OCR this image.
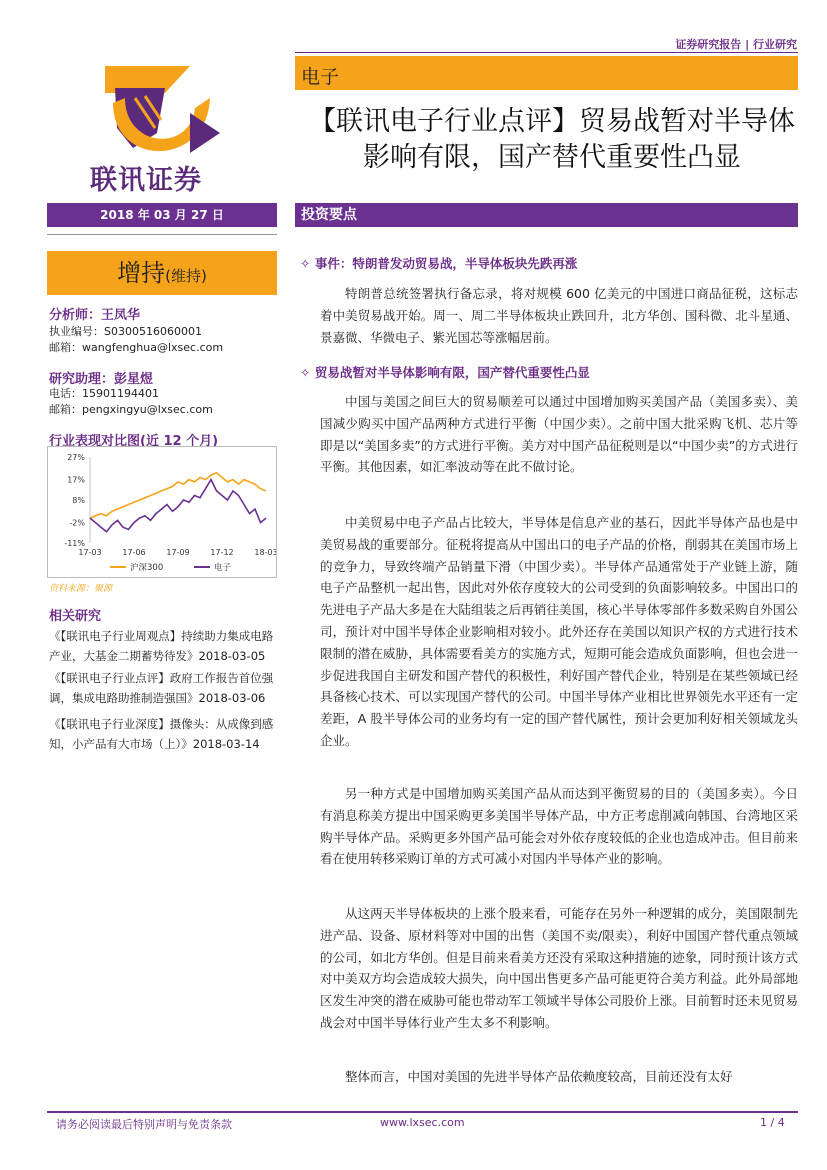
证券研究报告 | 行业研究
电子
联讯证券
【联讯电子行业点评】贸易战暂对半导体影响有限，国产替代重要性凸显
2018 年 03 月 27 日	投资要点
增持(维持)
分析师：王凤华
执业编号：S0300516060001
邮箱：wangfenghua@lxsec.com
研究助理：彭星煜
电话：15901194401
邮箱：pengxingyu@lxsec.com
行业表现对比图(近 12 个月)
27%
17%
8%
-2%
-11%
17-03	17-06	17-09	17-12	18-03
沪深300	电子
资料来源：聚源
相关研究
《【联讯电子行业周观点】持续助力集成电路产业，大基金二期蓄势待发》2018-03-05
《【联讯电子行业点评】政府工作报告首位强调，集成电路助推制造强国》2018-03-06
《【联讯电子行业深度】摄像头：从成像到感知，小产品有大市场（上）》2018-03-14
✧ 事件：特朗普发动贸易战，半导体板块先跌再涨
特朗普总统签署执行备忘录，将对规模 600 亿美元的中国进口商品征税，这标志着中美贸易战开始。周一、周二半导体板块止跌回升，北方华创、国科微、北斗星通、景嘉微、华微电子、紫光国芯等涨幅居前。
✧ 贸易战暂对半导体影响有限，国产替代重要性凸显
中国与美国之间巨大的贸易顺差可以通过中国增加购买美国产品（美国多卖）、美国减少购买中国产品两种方式进行平衡（中国少卖）。之前中国大批采购飞机、芯片等即是以“美国多卖”的方式进行平衡。美方对中国产品征税则是以“中国少卖”的方式进行平衡。其他因素，如汇率波动等在此不做讨论。
中美贸易中电子产品占比较大，半导体是信息产业的基石，因此半导体产品也是中美贸易战的重要部分。征税将提高从中国出口的电子产品的价格，削弱其在美国市场上的竞争力，导致终端产品销量下滑（中国少卖）。半导体产品通常处于产业链上游，随电子产品整机一起出售，因此对外依存度较大的公司受到的负面影响较多。中国出口的先进电子产品大多是在大陆组装之后再销往美国，核心半导体零部件多数采购自外国公司，预计对中国半导体企业影响相对较小。此外还存在美国以知识产权的方式进行技术限制的潜在威胁，具体需要看美方的实施方式，短期可能会造成负面影响，但也会进一步促进我国自主研发和国产替代的积极性，利好国产替代企业，特别是在某些领域已经具备核心技术、可以实现国产替代的公司。中国半导体产业相比世界领先水平还有一定差距，A 股半导体公司的业务均有一定的国产替代属性，预计会更加利好相关领域龙头企业。
另一种方式是中国增加购买美国产品从而达到平衡贸易的目的（美国多卖）。今日有消息称美方提出中国采购更多美国半导体产品，中方正考虑削减向韩国、台湾地区采购半导体产品。采购更多外国产品可能会对外依存度较低的企业也造成冲击。但目前来看在使用转移采购订单的方式可减小对国内半导体产业的影响。
从这两天半导体板块的上涨个股来看，可能存在另外一种逻辑的成分，美国限制先进产品、设备、原材料等对中国的出售（美国不卖/限卖），利好中国国产替代重点领域的公司，如北方华创。但是目前来看美方还没有采取这种措施的迹象，同时预计该方式对中美双方均会造成较大损失，向中国出售更多产品可能更符合美方利益。此外局部地区发生冲突的潜在威胁可能也带动军工领域半导体公司股价上涨。目前暂时还未见贸易战会对中国半导体行业产生太多不利影响。
整体而言，中国对美国的先进半导体产品依赖度较高，目前还没有太好
请务必阅读最后特别声明与免责条款	www.lxsec.com	1 / 4
